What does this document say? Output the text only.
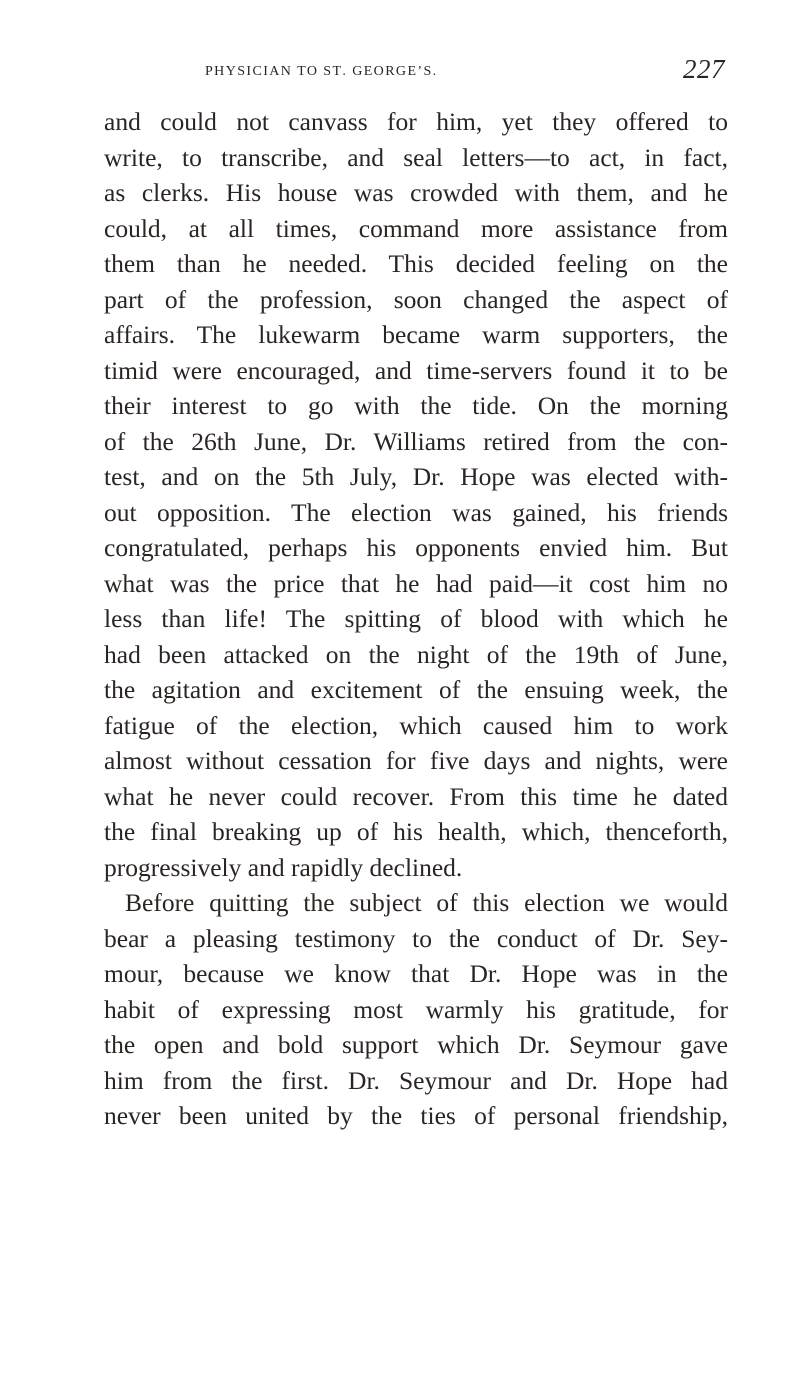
physician to st. george’s.	227
and could not canvass for him, yet they offered to
write, to transcribe, and seal letters—to act, in fact,
as clerks. His house was crowded with them, and he
could, at all times, command more assistance from
them than he needed. This decided feeling on the
part of the profession, soon changed the aspect of
affairs. The lukewarm became warm supporters, the
timid were encouraged, and time-servers found it to be
their interest to go with the tide. On the morning
of the 26th June, Dr. Williams retired from the con-
test, and on the 5th July, Dr. Hope was elected with-
out opposition. The election was gained, his friends
congratulated, perhaps his opponents envied him. But
what was the price that he had paid—it cost him no
less than life! The spitting of blood with which he
had been attacked on the night of the 19th of June,
the agitation and excitement of the ensuing week, the
fatigue of the election, which caused him to work
almost without cessation for five days and nights, were
what he never could recover. From this time he dated
the final breaking up of his health, which, thenceforth,
progressively and rapidly declined.
Before quitting the subject of this election we would
bear a pleasing testimony to the conduct of Dr. Sey-
mour, because we know that Dr. Hope was in the
habit of expressing most warmly his gratitude, for
the open and bold support which Dr. Seymour gave
him from the first. Dr. Seymour and Dr. Hope had
never been united by the ties of personal friendship,
